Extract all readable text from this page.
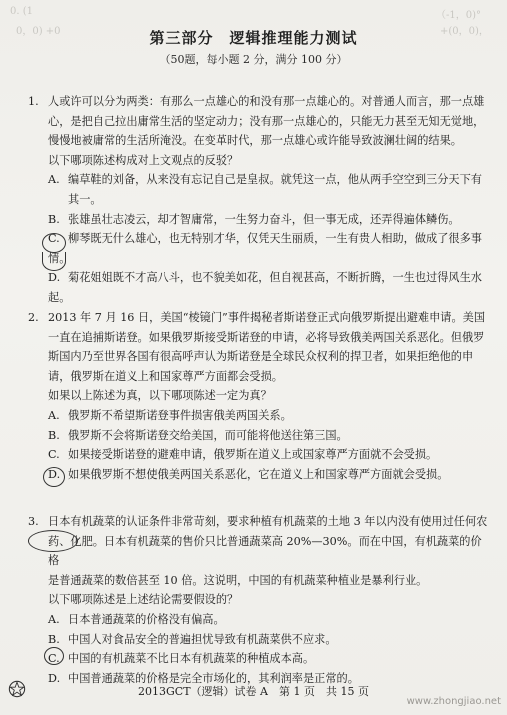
0. (1	（-1，0)°
0，0) +0	+(0，0)，
第三部分　逻辑推理能力测试
（50题，每小题 2 分，满分 100 分）
1. 人或许可以分为两类：有那么一点雄心的和没有那一点雄心的。对普通人而言，那一点雄
心，是把自己拉出庸常生活的坚定动力；没有那一点雄心的，只能无力甚至无知无觉地，
慢慢地被庸常的生活所淹没。在变革时代，那一点雄心或许能导致波澜壮阔的结果。
以下哪项陈述构成对上文观点的反驳？
A. 编草鞋的刘备，从来没有忘记自己是皇叔。就凭这一点，他从两手空空到三分天下有
其一。
B. 张雄虽壮志凌云，却才智庸常，一生努力奋斗，但一事无成，还弄得遍体鳞伤。
C. 柳琴既无什么雄心，也无特别才华，仅凭天生丽质，一生有贵人相助，做成了很多事情。
D. 菊花姐姐既不才高八斗，也不貌美如花，但自视甚高，不断折腾，一生也过得风生水起。
2. 2013 年 7 月 16 日，美国“棱镜门”事件揭秘者斯诺登正式向俄罗斯提出避难申请。美国
一直在追捕斯诺登。如果俄罗斯接受斯诺登的申请，必将导致俄美两国关系恶化。但俄罗
斯国内乃至世界各国有很高呼声认为斯诺登是全球民众权利的捍卫者，如果拒绝他的申
请，俄罗斯在道义上和国家尊严方面都会受损。
如果以上陈述为真，以下哪项陈述一定为真？
A. 俄罗斯不希望斯诺登事件损害俄美两国关系。
B. 俄罗斯不会将斯诺登交给美国，而可能将他送往第三国。
C. 如果接受斯诺登的避难申请，俄罗斯在道义上或国家尊严方面就不会受损。
D. 如果俄罗斯不想使俄美两国关系恶化，它在道义上和国家尊严方面就会受损。
3. 日本有机蔬菜的认证条件非常苛刻，要求种植有机蔬菜的土地 3 年以内没有使用过任何农
药、化肥。日本有机蔬菜的售价只比普通蔬菜高 20%—30%。而在中国，有机蔬菜的价格
是普通蔬菜的数倍甚至 10 倍。这说明，中国的有机蔬菜种植业是暴利行业。
以下哪项陈述是上述结论需要假设的？
A. 日本普通蔬菜的价格没有偏高。
B. 中国人对食品安全的普遍担忧导致有机蔬菜供不应求。
C. 中国的有机蔬菜不比日本有机蔬菜的种植成本高。
D. 中国普通蔬菜的价格是完全市场化的，其利润率是正常的。
2013GCT（逻辑）试卷 A　第 1 页　共 15 页
www.zhongjiao.net
